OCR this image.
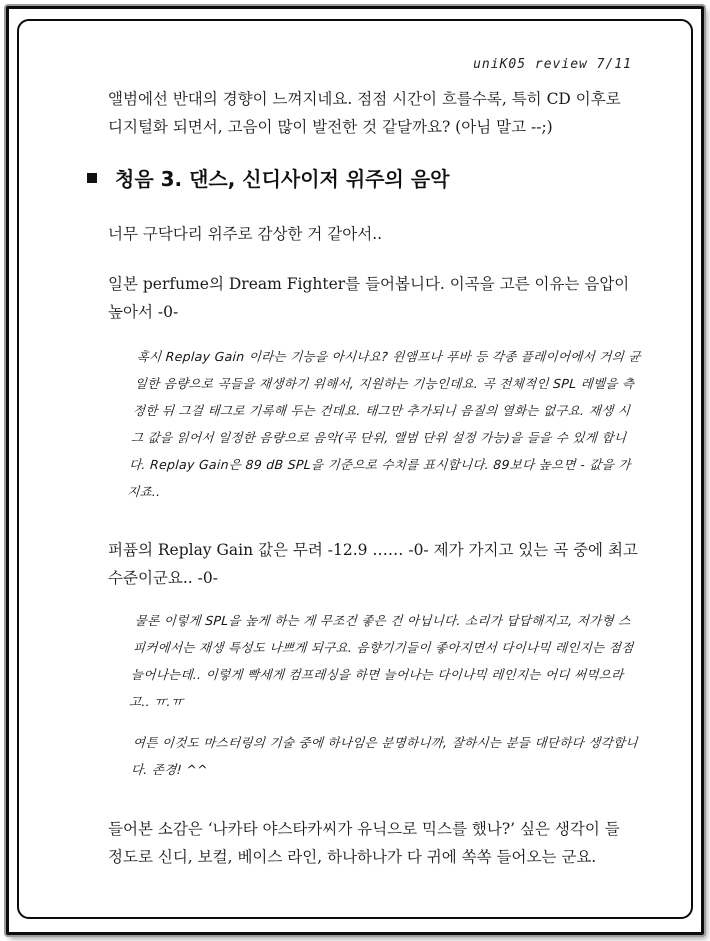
uniK05 review 7/11

앨범에선 반대의 경향이 느껴지네요. 점점 시간이 흐를수록, 특히 CD 이후로 디지털화 되면서, 고음이 많이 발전한 것 같달까요? (아님 말고 --;)

청음 3. 댄스, 신디사이저 위주의 음악

너무 구닥다리 위주로 감상한 거 같아서..

일본 perfume의 Dream Fighter를 들어봅니다. 이곡을 고른 이유는 음압이 높아서 -0-

혹시 Replay Gain 이라는 기능을 아시나요? 윈앰프나 푸바 등 각종 플레이어에서 거의 균일한 음량으로 곡들을 재생하기 위해서, 지원하는 기능인데요. 곡 전체적인 SPL 레벨을 측정한 뒤 그걸 태그로 기록해 두는 건데요. 태그만 추가되니 음질의 열화는 없구요. 재생 시 그 값을 읽어서 일정한 음량으로 음악(곡 단위, 앨범 단위 설정 가능)을 들을 수 있게 합니다. Replay Gain은 89 dB SPL을 기준으로 수치를 표시합니다. 89보다 높으면 - 값을 가지죠..

퍼퓸의 Replay Gain 값은 무려 -12.9 …… -0- 제가 가지고 있는 곡 중에 최고 수준이군요.. -0-

물론 이렇게 SPL을 높게 하는 게 무조건 좋은 건 아닙니다. 소리가 답답해지고, 저가형 스피커에서는 재생 특성도 나쁘게 되구요. 음향기기들이 좋아지면서 다이나믹 레인지는 점점 늘어나는데.. 이렇게 빡세게 컴프레싱을 하면 늘어나는 다이나믹 레인지는 어디 써먹으라고.. ㅠ.ㅠ

여튼 이것도 마스터링의 기술 중에 하나임은 분명하니까, 잘하시는 분들 대단하다 생각합니다. 존경! ^^

들어본 소감은 ‘나카타 야스타카씨가 유닉으로 믹스를 했나?’ 싶은 생각이 들 정도로 신디, 보컬, 베이스 라인, 하나하나가 다 귀에 쏙쏙 들어오는 군요.
